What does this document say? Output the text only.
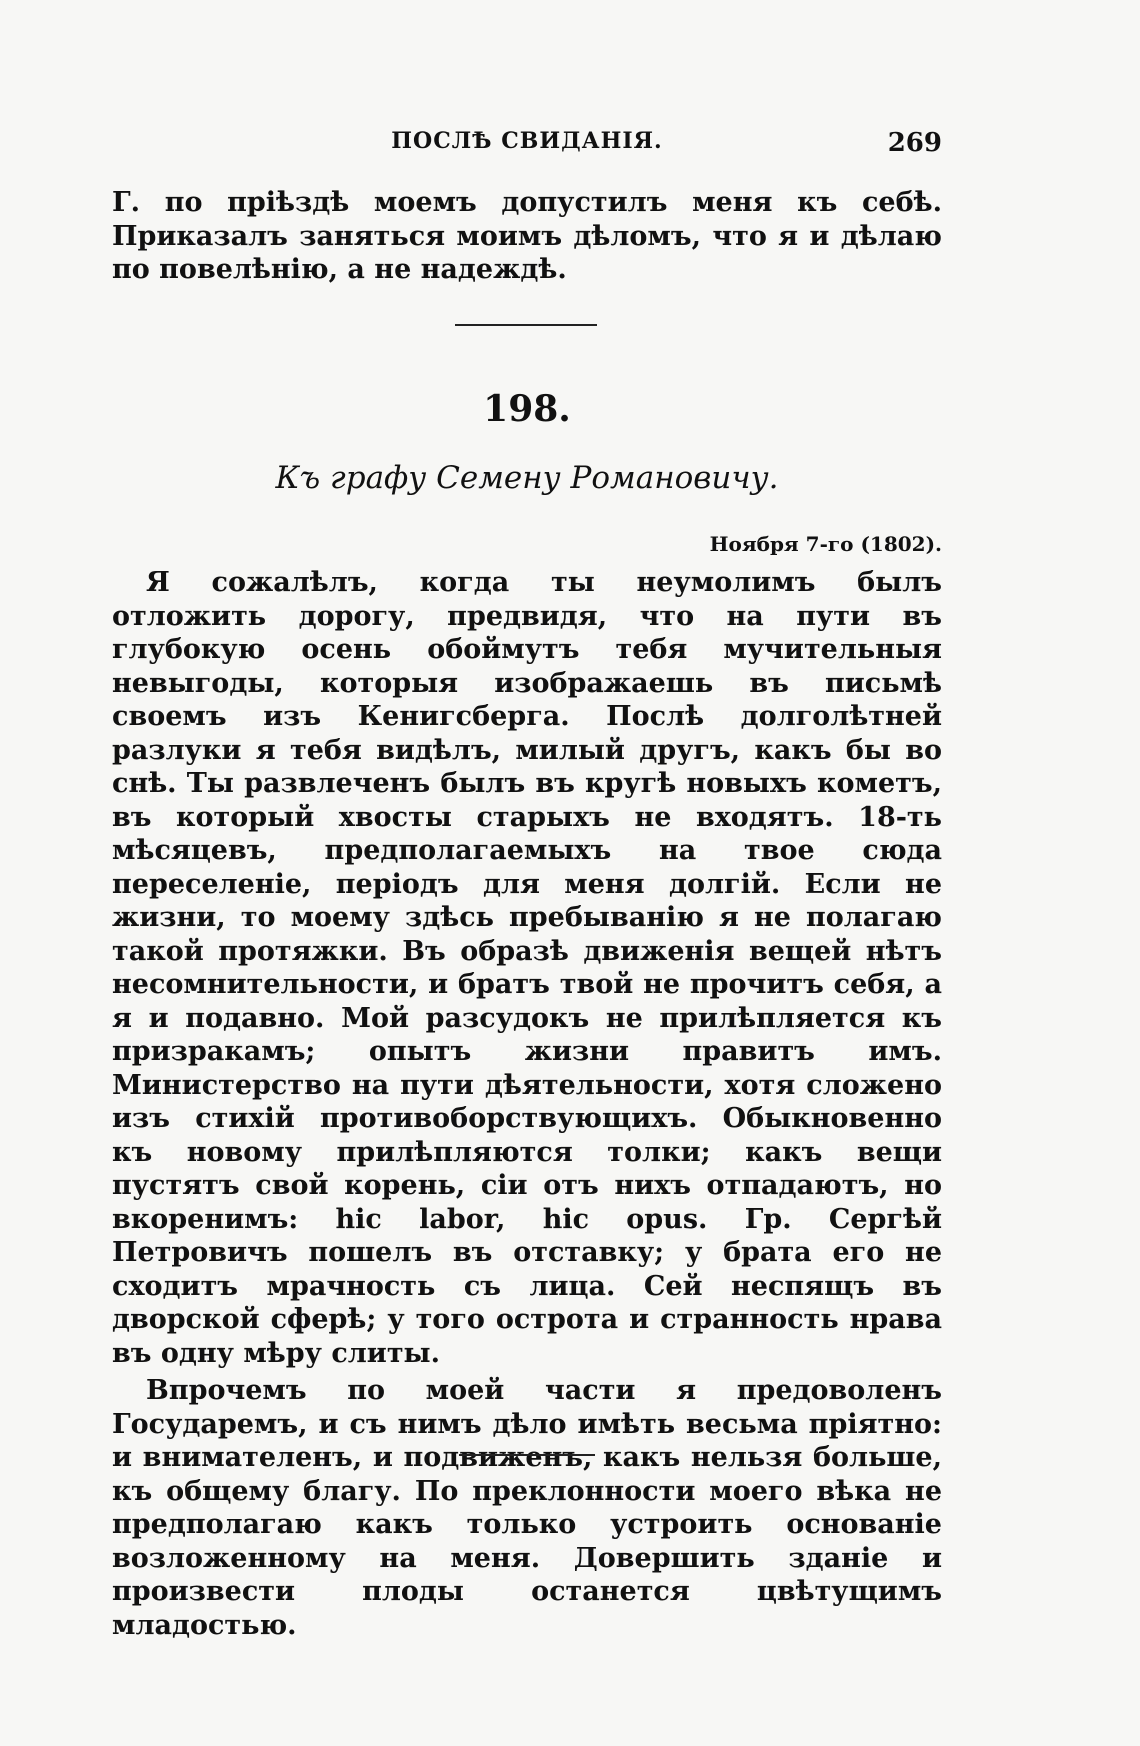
ПОСЛѢ СВИДАНІЯ.	269

Г. по пріѣздѣ моемъ допустилъ меня къ себѣ. Приказалъ заняться моимъ дѣломъ, что я и дѣлаю по повелѣнію, а не надеждѣ.

198.
Къ графу Семену Романовичу.
Ноября 7-го (1802).

Я сожалѣлъ, когда ты неумолимъ былъ отложить дорогу, предвидя, что на пути въ глубокую осень обоймутъ тебя мучительныя невыгоды, которыя изображаешь въ письмѣ своемъ изъ Кенигсберга. Послѣ долголѣтней разлуки я тебя видѣлъ, милый другъ, какъ бы во снѣ. Ты развлеченъ былъ въ кругѣ новыхъ кометъ, въ который хвосты старыхъ не входятъ. 18-ть мѣсяцевъ, предполагаемыхъ на твое сюда переселеніе, періодъ для меня долгій. Если не жизни, то моему здѣсь пребыванію я не полагаю такой протяжки. Въ образѣ движенія вещей нѣтъ несомнительности, и братъ твой не прочитъ себя, а я и подавно. Мой разсудокъ не прилѣпляется къ призракамъ; опытъ жизни правитъ имъ. Министерство на пути дѣятельности, хотя сложено изъ стихій противоборствующихъ. Обыкновенно къ новому прилѣпляются толки; какъ вещи пустятъ свой корень, сіи отъ нихъ отпадаютъ, но вкоренимъ: hic labor, hic opus. Гр. Сергѣй Петровичъ пошелъ въ отставку; у брата его не сходитъ мрачность съ лица. Сей неспящъ въ дворской сферѣ; у того острота и странность нрава въ одну мѣру слиты.

Впрочемъ по моей части я предоволенъ Государемъ, и съ нимъ дѣло имѣть весьма пріятно: и внимателенъ, и подвиженъ, какъ нельзя больше, къ общему благу. По преклонности моего вѣка не предполагаю какъ только устроить основаніе возложенному на меня. Довершить зданіе и произвести плоды останется цвѣтущимъ младостью.
